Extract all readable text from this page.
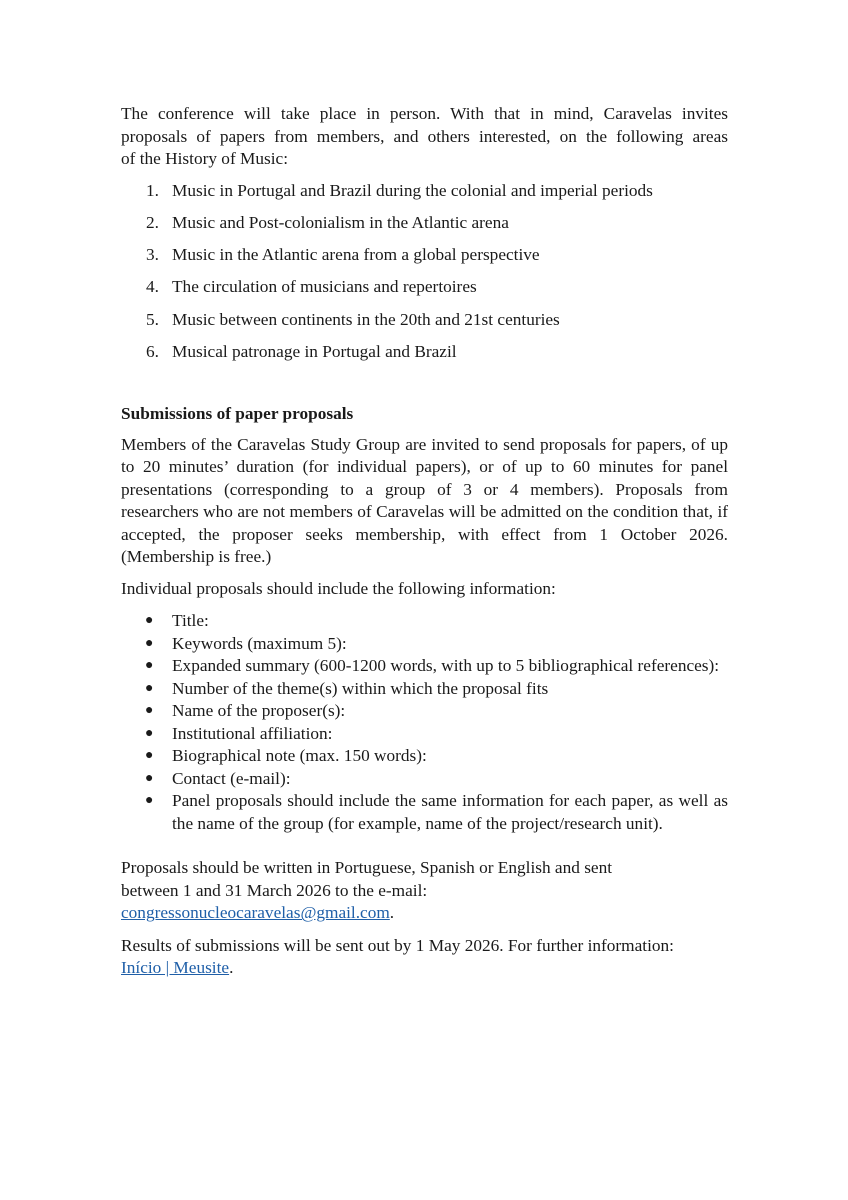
The conference will take place in person. With that in mind, Caravelas invites
proposals of papers from members, and others interested, on the following areas
of the History of Music:

1. Music in Portugal and Brazil during the colonial and imperial periods
2. Music and Post-colonialism in the Atlantic arena
3. Music in the Atlantic arena from a global perspective
4. The circulation of musicians and repertoires
5. Music between continents in the 20th and 21st centuries
6. Musical patronage in Portugal and Brazil

Submissions of paper proposals

Members of the Caravelas Study Group are invited to send proposals for papers, of up to 20 minutes’ duration (for individual papers), or of up to 60 minutes for panel presentations (corresponding to a group of 3 or 4 members). Proposals from researchers who are not members of Caravelas will be admitted on the condition that, if accepted, the proposer seeks membership, with effect from 1 October 2026. (Membership is free.)

Individual proposals should include the following information:

● Title:
● Keywords (maximum 5):
● Expanded summary (600-1200 words, with up to 5 bibliographical references):
● Number of the theme(s) within which the proposal fits
● Name of the proposer(s):
● Institutional affiliation:
● Biographical note (max. 150 words):
● Contact (e-mail):
● Panel proposals should include the same information for each paper, as well as the name of the group (for example, name of the project/research unit).

Proposals should be written in Portuguese, Spanish or English and sent
between 1 and 31 March 2026 to the e-mail:
congressonucleocaravelas@gmail.com.

Results of submissions will be sent out by 1 May 2026. For further information:
Início | Meusite.
